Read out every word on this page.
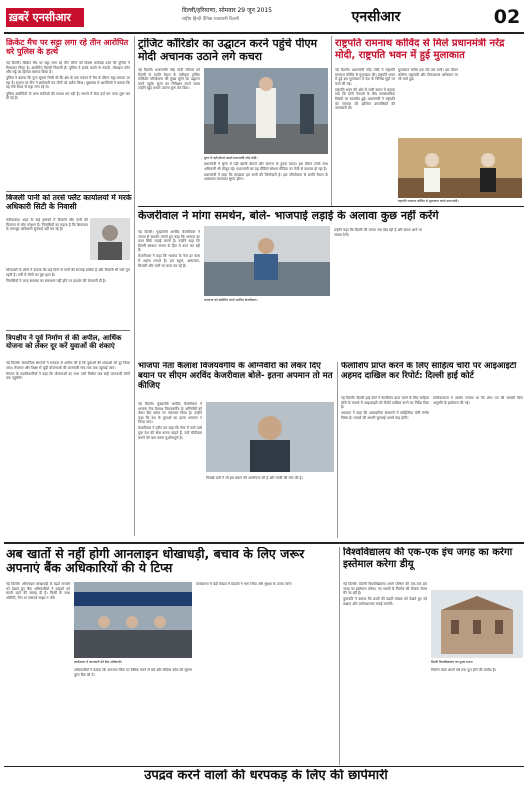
ख़बरें एनसीआर
दिल्ली/हरियाणा, सोमवार 29 जून 2015
राष्ट्रीय हिन्दी दैनिक राजधानी दिल्ली	एनसीआर	02
क्रिकेट मैच पर सट्टा लगा रहे तीन आरोपित धरे पुलिस के हत्थे

नई दिल्ली। क्रिकेट मैच पर सट्टा लगा रहे तीन लोगों को विशेष कार्रवाई दस्ते की पुलिस ने गिरफ्तार किया है। आरोपित दिल्ली निवासी हैं। पुलिस ने इनके कब्जे से नकदी, मोबाइल फोन और सट्टे का हिसाब बरामद किया है।

पुलिस ने बताया कि गुप्त सूचना मिली थी कि क्षेत्र के एक मकान में मैच के दौरान सट्टा लगाया जा रहा है। सूचना पर टीम ने छापेमारी कर तीनों को दबोच लिया। पूछताछ में आरोपितों ने बताया कि वह लंबे समय से सट्टा लगा रहे थे।

पुलिस आरोपितों के अन्य साथियों की तलाश कर रही है। मामले में केस दर्ज कर जांच शुरू कर दी गई है।

बिजली पानी को तरसे फ्लैट कार्यालयों में मरके अधिकारी सिटी के निवासी

फरीदाबाद। शहर के कई इलाकों में बिजली और पानी की किल्लत से लोग परेशान हैं। निवासियों का कहना है कि शिकायत के बावजूद अधिकारी सुनवाई नहीं कर रहे हैं।

सोसायटी के लोगों ने बताया कि कई दिनों से पानी की सप्लाई बाधित है और बिजली भी घंटों गुल रहती है। गर्मी में लोगों का बुरा हाल है।

निवासियों ने जल्द समस्या का समाधान नहीं होने पर प्रदर्शन की चेतावनी दी है।

त्रिपक्षीय ने पूर्व निर्माण से की अपील, आर्थिक योजना को लेकर दूर करें युवाओं की शंकाएं

नई दिल्ली। सामाजिक संगठनों ने सरकार से अपील की है कि युवाओं की शंकाओं को दूर किया जाए। रोजगार और शिक्षा से जुड़ी योजनाओं की जानकारी गांव-गांव तक पहुंचाई जाए।

संगठन के पदाधिकारियों ने कहा कि योजनाओं का लाभ तभी मिलेगा जब सही जानकारी लोगों तक पहुंचेगी।

ट्रांजिट कॉरिडोर का उद्घाटन करने पहुंचे पीएम मोदी अचानक उठाने लगे कचरा

नई दिल्ली। प्रधानमंत्री नरेंद्र मोदी रविवार को दिल्ली के प्रगति मैदान के एकीकृत ट्रांजिट कॉरिडोर परियोजना की मुख्य सुरंग का उद्घाटन करने पहुंचे। सुरंग का निरीक्षण करते समय उन्होंने खुद कचरा उठाना शुरू कर दिया।

सुरंग में पड़ी बोतल उठाते प्रधानमंत्री नरेंद्र मोदी।

प्रधानमंत्री ने सुरंग में पड़ी खाली बोतलें और कागज के टुकड़े उठाए। इस दौरान उनके साथ अधिकारी भी मौजूद रहे। प्रधानमंत्री का यह वीडियो सोशल मीडिया पर तेजी से वायरल हो रहा है।

प्रधानमंत्री ने कहा कि स्वच्छता हम सभी की जिम्मेदारी है। इस परियोजना से प्रगति मैदान के आसपास यातायात सुगम होगा।

राष्ट्रपति रामनाथ कोविंद से मिले प्रधानमंत्री नरेंद्र मोदी, राष्ट्रपति भवन में हुई मुलाकात

नई दिल्ली। प्रधानमंत्री नरेंद्र मोदी ने राष्ट्रपति रामनाथ कोविंद से मुलाकात की। राष्ट्रपति भवन में हुई इस मुलाकात में देश के विभिन्न मुद्दों पर चर्चा की गई।

राष्ट्रपति भवन की ओर से जारी बयान में बताया गया कि दोनों नेताओं के बीच समसामयिक विषयों पर बातचीत हुई। प्रधानमंत्री ने राष्ट्रपति को सरकार की हालिया उपलब्धियों की जानकारी दी।

मुलाकात करीब एक घंटे तक चली। इस दौरान कोरोना महामारी और टीकाकरण अभियान पर भी चर्चा हुई।

राष्ट्रपति रामनाथ कोविंद से मुलाकात करते प्रधानमंत्री।
केजरीवाल ने मांगा समर्थन, बोले- भाजपाई लड़ाई के अलावा कुछ नहीं करेंगे
जनसभा को संबोधित करते अरविंद केजरीवाल।

नई दिल्ली। मुख्यमंत्री अरविंद केजरीवाल ने जनता से समर्थन मांगते हुए कहा कि भाजपा का काम सिर्फ लड़ाई करना है। उन्होंने कहा कि दिल्ली सरकार जनता के हित में काम कर रही है।

केजरीवाल ने कहा कि भाजपा के नेता हर काम में अड़ंगा लगाते हैं। हम स्कूल, अस्पताल, बिजली और पानी पर काम कर रहे हैं।

उन्होंने कहा कि दिल्ली की जनता सब देख रही है और समय आने पर जवाब देगी।

भाजपा नेता कैलाश विजयवर्गीय के अग्निवीरों को लेकर दिए बयान पर सीएम अरविंद केजरीवाल बोले- इतना अपमान तो मत कीजिए

नई दिल्ली। मुख्यमंत्री अरविंद केजरीवाल ने भाजपा नेता कैलाश विजयवर्गीय के अग्निवीरों को लेकर दिए बयान पर पलटवार किया है। उन्होंने कहा कि देश के युवाओं का इतना अपमान न किया जाए।

केजरीवाल ने ट्वीट कर कहा कि सेना में जाने वाले युवा देश की सेवा करना चाहते हैं, उन्हें चौकीदार बनाने की बात करना दुर्भाग्यपूर्ण है।

विपक्षी दलों ने भी इस बयान की आलोचना की है और माफी की मांग की है।

फेलोशिप प्राप्त करने के लिए साहित्य चोरी पर आइआइटी अहमद दाखिल कर रिपोर्ट: दिल्ली हाई कोर्ट

नई दिल्ली। दिल्ली हाई कोर्ट ने फेलोशिप प्राप्त करने के लिए साहित्य चोरी के मामले में आइआइटी को रिपोर्ट दाखिल करने का निर्देश दिया है।

अदालत ने कहा कि अकादमिक संस्थानों में साहित्यिक चोरी गंभीर विषय है। मामले की अगली सुनवाई अगले माह होगी।

याचिकाकर्ता ने आरोप लगाया था कि शोध पत्र की सामग्री बिना अनुमति के इस्तेमाल की गई।

अब खातों से नहीं होगी आनलाइन धोखाधड़ी, बचाव के लिए जरूर अपनाएं बैंक अधिकारियों की ये टिप्स

नई दिल्ली। ऑनलाइन धोखाधड़ी के बढ़ते मामलों को देखते हुए बैंक अधिकारियों ने ग्राहकों को सतर्क रहने की सलाह दी है। किसी के साथ ओटीपी, पिन या पासवर्ड साझा न करें।

कार्यशाला में जानकारी देते बैंक अधिकारी।

अधिकारियों ने बताया कि अनजान लिंक पर क्लिक करने से बचें और संदिग्ध कॉल की सूचना तुरंत बैंक को दें।

कार्यशाला में बड़ी संख्या में ग्राहकों ने भाग लिया और सुरक्षा के उपाय जाने।

विश्वविद्यालय की एक-एक इंच जगह का करेगा इस्तेमाल करेगा डीयू

नई दिल्ली। दिल्ली विश्वविद्यालय अपने परिसर की एक-एक इंच जगह का इस्तेमाल करेगा। नए भवनों के निर्माण की योजना तैयार की जा रही है।

कुलपति ने बताया कि छात्रों की बढ़ती संख्या को देखते हुए नई कक्षाएं और प्रयोगशालाएं बनाई जाएंगी।

दिल्ली विश्वविद्यालय का मुख्य भवन।

निर्माण कार्य अगले वर्ष तक पूरा होने की उम्मीद है।

उपद्रव करने वालों की धरपकड़ के लिए की छापेमारी
